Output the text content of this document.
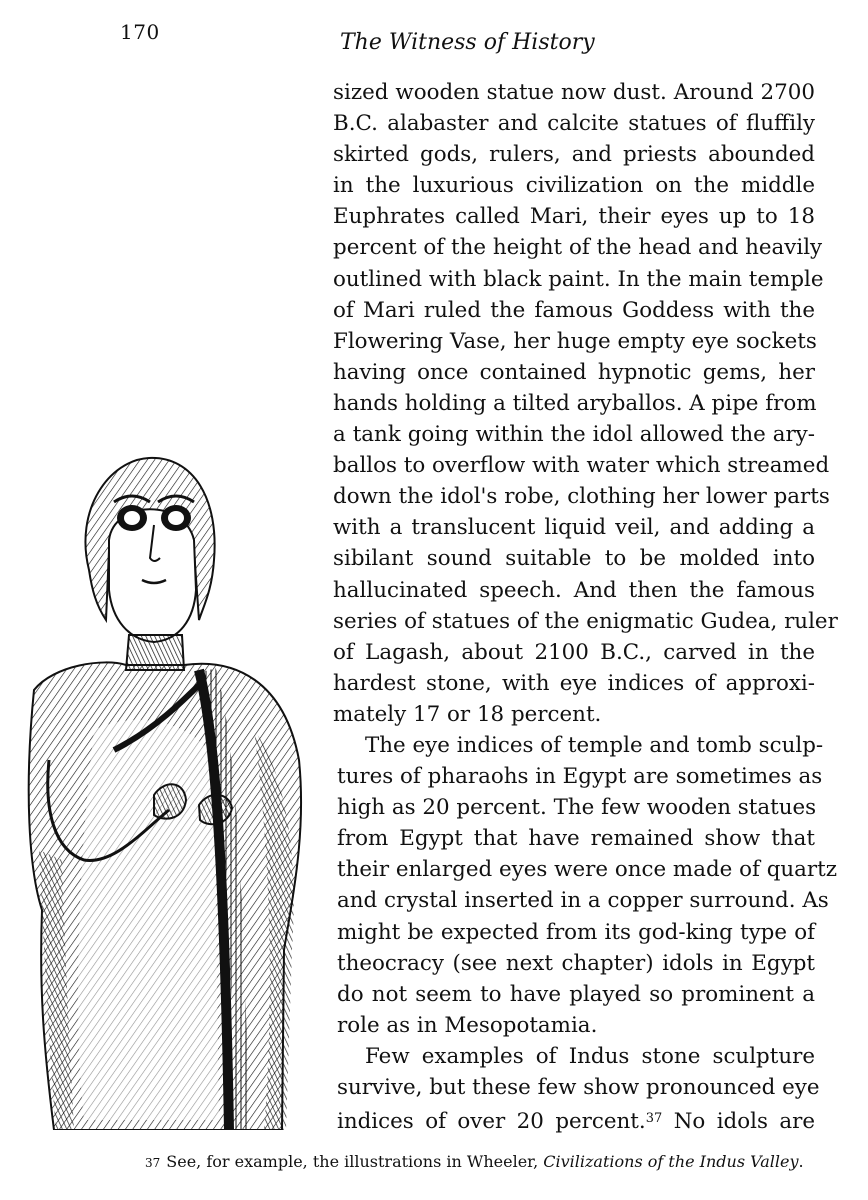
170	The Witness of History
sized wooden statue now dust. Around 2700
B.C. alabaster and calcite statues of fluffily
skirted gods, rulers, and priests abounded
in the luxurious civilization on the middle
Euphrates called Mari, their eyes up to 18
percent of the height of the head and heavily
outlined with black paint. In the main temple
of Mari ruled the famous Goddess with the
Flowering Vase, her huge empty eye sockets
having once contained hypnotic gems, her
hands holding a tilted aryballos. A pipe from
a tank going within the idol allowed the ary-
ballos to overflow with water which streamed
down the idol's robe, clothing her lower parts
with a translucent liquid veil, and adding a
sibilant sound suitable to be molded into
hallucinated speech. And then the famous
series of statues of the enigmatic Gudea, ruler
of Lagash, about 2100 B.C., carved in the
hardest stone, with eye indices of approxi-
mately 17 or 18 percent.
The eye indices of temple and tomb sculp-
tures of pharaohs in Egypt are sometimes as
high as 20 percent. The few wooden statues
from Egypt that have remained show that
their enlarged eyes were once made of quartz
and crystal inserted in a copper surround. As
might be expected from its god-king type of
theocracy (see next chapter) idols in Egypt
do not seem to have played so prominent a
role as in Mesopotamia.
Few examples of Indus stone sculpture
survive, but these few show pronounced eye
indices of over 20 percent.$^{37}$ No idols are
37 See, for example, the illustrations in Wheeler, Civilizations of the Indus Valley.
